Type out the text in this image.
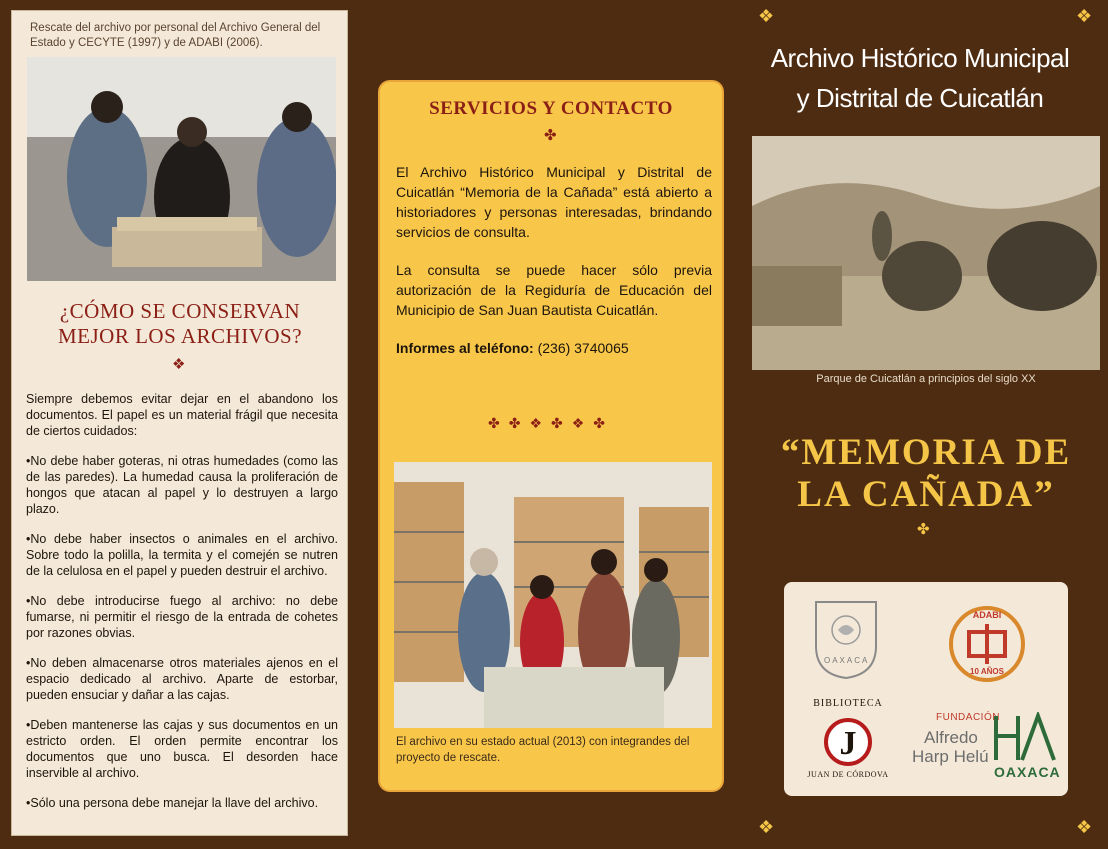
❖	❖
❖	❖
Rescate del archivo por personal del Archivo General del Estado y CECYTE (1997) y de ADABI (2006).
¿CÓMO SE CONSERVAN
MEJOR LOS ARCHIVOS?
❖

Siempre debemos evitar dejar en el abandono los documentos. El papel es un material frágil que necesita de ciertos cuidados:

•No debe haber goteras, ni otras humedades (como las de las paredes). La humedad causa la proliferación de hongos que atacan al papel y lo destruyen a largo plazo.

•No debe haber insectos o animales en el archivo. Sobre todo la polilla, la termita y el comején se nutren de la celulosa en el papel y pueden destruir el archivo.

•No debe introducirse fuego al archivo: no debe fumarse, ni permitir el riesgo de la entrada de cohetes por razones obvias.

•No deben almacenarse otros materiales ajenos en el espacio dedicado al archivo. Aparte de estorbar, pueden ensuciar y dañar a las cajas.

•Deben mantenerse las cajas y sus documentos en un estricto orden. El orden permite encontrar los documentos que uno busca. El desorden hace inservible al archivo.

•Sólo una persona debe manejar la llave del archivo.

SERVICIOS Y CONTACTO
✤

El Archivo Histórico Municipal y Distrital de Cuicatlán “Memoria de la Cañada” está abierto a historiadores y personas interesadas, brindando servicios de consulta.

La consulta se puede hacer sólo previa autorización de la Regiduría de Educación del Municipio de San Juan Bautista Cuicatlán.

Informes al teléfono: (236) 3740065

✤✤❖✤❖✤
El archivo en su estado actual (2013) con integrandes del proyecto de rescate.
Archivo Histórico Municipal
y Distrital de Cuicatlán
Parque de Cuicatlán a principios del siglo XX
“MEMORIA DE
LA CAÑADA”
✤
OAXACA
ADABI
10 AÑOS
J
BIBLIOTECA
JUAN DE CÓRDOVA
FUNDACIÓN
Alfredo
Harp Helú
OAXACA
